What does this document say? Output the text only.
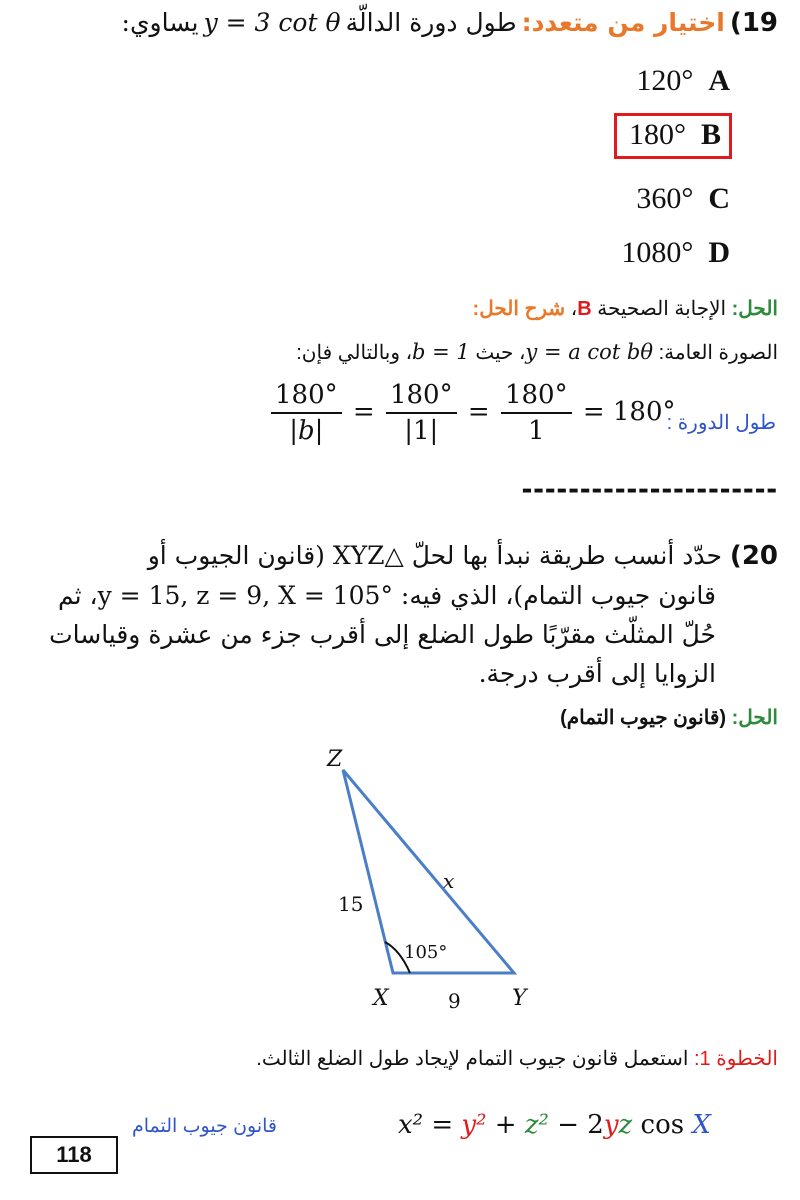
19) اختيار من متعدد: طول دورة الدالّة y = 3 cot θ يساوي:
120° A
180° B
360° C
1080° D
الحل: الإجابة الصحيحة B، شرح الحل:
الصورة العامة: y = a cot bθ، حيث b = 1، وبالتالي فإن:
$\frac{180^\circ}{|b|} = \frac{180^\circ}{|1|} = \frac{180^\circ}{1} = 180^\circ$
طول الدورة :
----------------------
20) حدّد أنسب طريقة نبدأ بها لحلّ △XYZ (قانون الجيوب أو
قانون جيوب التمام)، الذي فيه: y = 15, z = 9, X = 105°، ثم
حُلّ المثلّث مقرّبًا طول الضلع إلى أقرب جزء من عشرة وقياسات
الزوايا إلى أقرب درجة.
الحل: (قانون جيوب التمام)
Z
X	Y
15
9
x
105°
الخطوة 1: استعمل قانون جيوب التمام لإيجاد طول الضلع الثالث.
x² = y² + z² − 2yz cos X
قانون جيوب التمام
118
